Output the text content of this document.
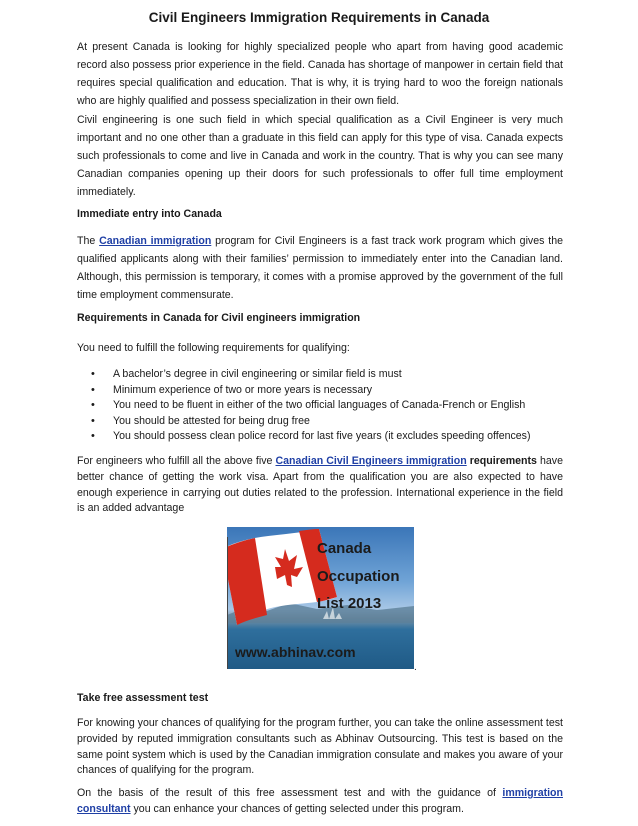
Civil Engineers Immigration Requirements in Canada

At present Canada is looking for highly specialized people who apart from having good academic record also possess prior experience in the field. Canada has shortage of manpower in certain field that requires special qualification and education. That is why, it is trying hard to woo the foreign nationals who are highly qualified and possess specialization in their own field.

Civil engineering is one such field in which special qualification as a Civil Engineer is very much important and no one other than a graduate in this field can apply for this type of visa. Canada expects such professionals to come and live in Canada and work in the country. That is why you can see many Canadian companies opening up their doors for such professionals to offer full time employment immediately.

Immediate entry into Canada

The Canadian immigration program for Civil Engineers is a fast track work program which gives the qualified applicants along with their families’ permission to immediately enter into the Canadian land. Although, this permission is temporary, it comes with a promise approved by the government of the full time employment commensurate.

Requirements in Canada for Civil engineers immigration

You need to fulfill the following requirements for qualifying:

• A bachelor’s degree in civil engineering or similar field is must
• Minimum experience of two or more years is necessary
• You need to be fluent in either of the two official languages of Canada-French or English
• You should be attested for being drug free
• You should possess clean police record for last five years (it excludes speeding offences)

For engineers who fulfill all the above five Canadian Civil Engineers immigration requirements have better chance of getting the work visa. Apart from the qualification you are also expected to have enough experience in carrying out duties related to the profession. International experience in the field is an added advantage

Canada
Occupation
List 2013
www.abhinav.com
.

Take free assessment test

For knowing your chances of qualifying for the program further, you can take the online assessment test provided by reputed immigration consultants such as Abhinav Outsourcing. This test is based on the same point system which is used by the Canadian immigration consulate and makes you aware of your chances of qualifying for the program.

On the basis of the result of this free assessment test and with the guidance of immigration consultant you can enhance your chances of getting selected under this program.
